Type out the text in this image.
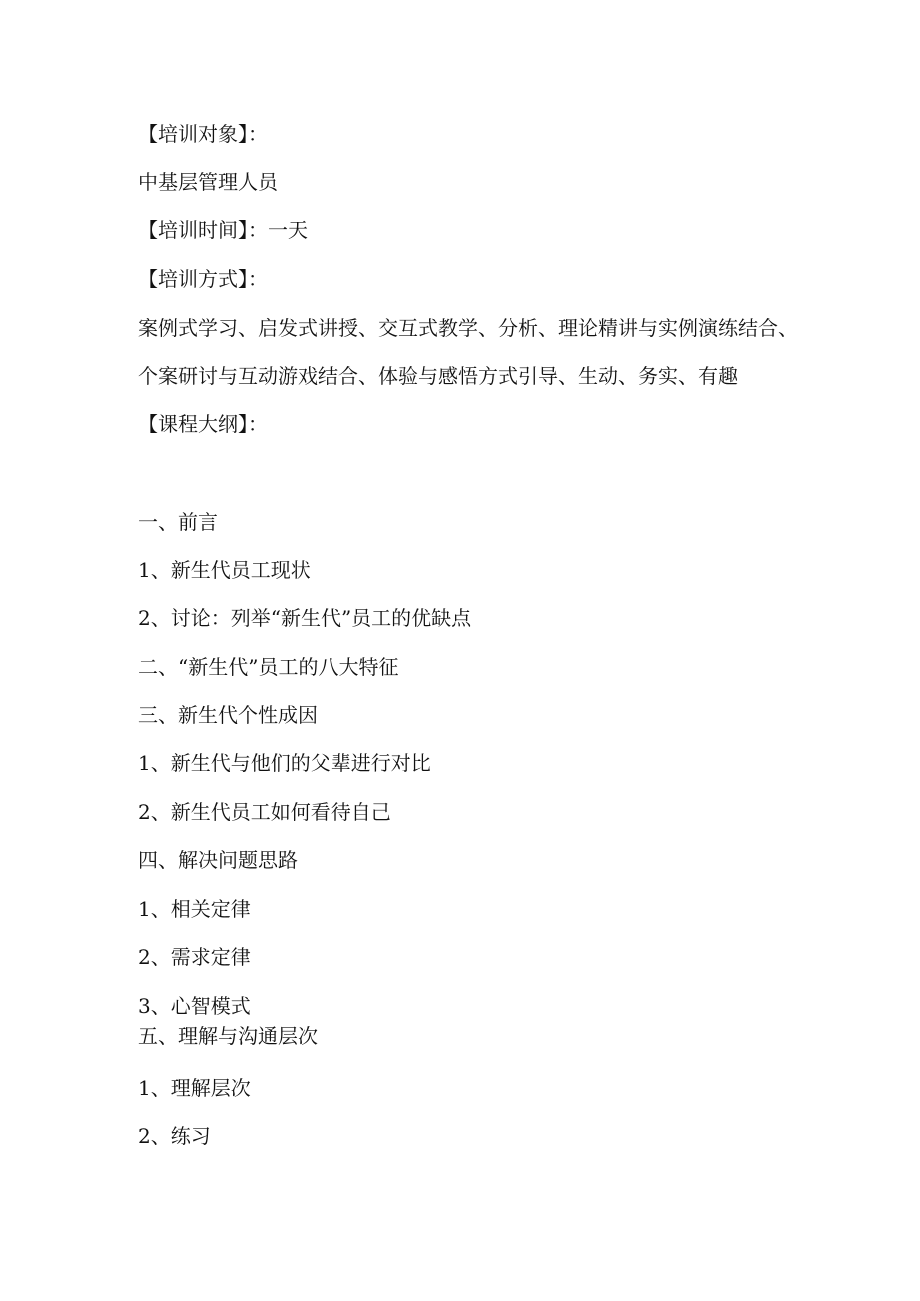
【培训对象】：
中基层管理人员
【培训时间】：一天
【培训方式】：
案例式学习、启发式讲授、交互式教学、分析、理论精讲与实例演练结合、
个案研讨与互动游戏结合、体验与感悟方式引导、生动、务实、有趣
【课程大纲】：
一、前言
1、新生代员工现状
2、讨论：列举“新生代”员工的优缺点
二、“新生代”员工的八大特征
三、新生代个性成因
1、新生代与他们的父辈进行对比
2、新生代员工如何看待自己
四、解决问题思路
1、相关定律
2、需求定律
3、心智模式
五、理解与沟通层次
1、理解层次
2、练习
